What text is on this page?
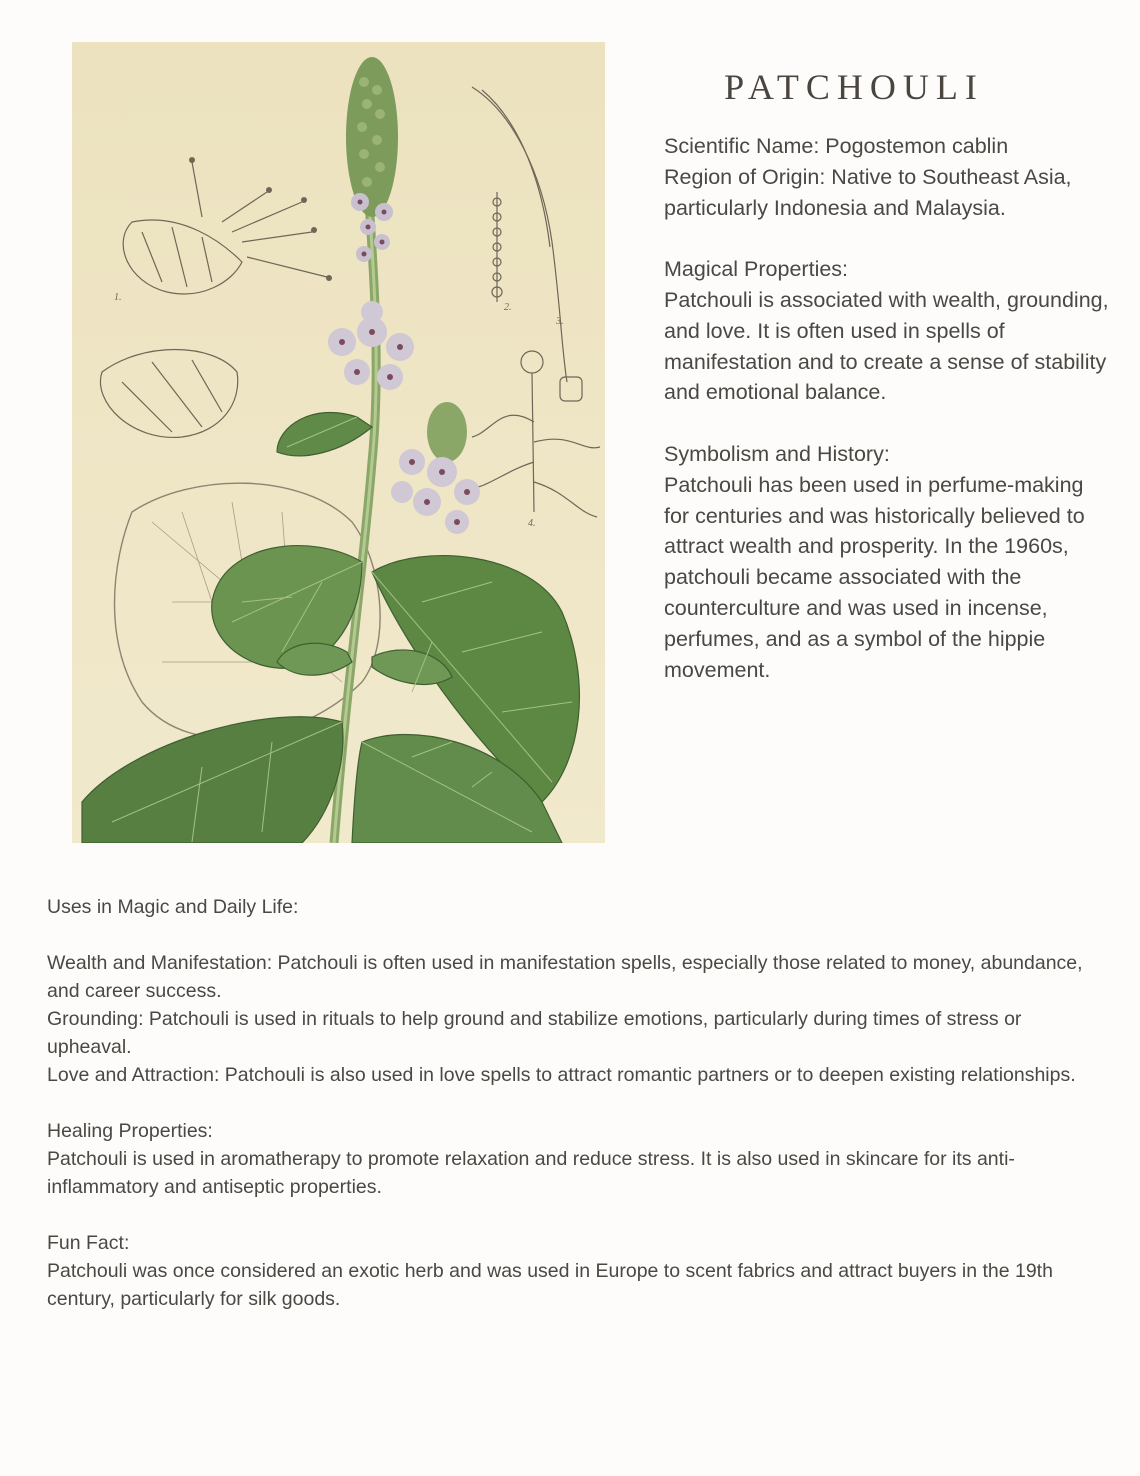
1.
2.
3.
4.
PATCHOULI

Scientific Name: Pogostemon cablin

Region of Origin: Native to Southeast Asia, particularly Indonesia and Malaysia.

Magical Properties:

Patchouli is associated with wealth, grounding, and love. It is often used in spells of manifestation and to create a sense of stability and emotional balance.

Symbolism and History:

Patchouli has been used in perfume-making for centuries and was historically believed to attract wealth and prosperity. In the 1960s, patchouli became associated with the counterculture and was used in incense, perfumes, and as a symbol of the hippie movement.

Uses in Magic and Daily Life:

Wealth and Manifestation: Patchouli is often used in manifestation spells, especially those related to money, abundance, and career success.

Grounding: Patchouli is used in rituals to help ground and stabilize emotions, particularly during times of stress or upheaval.

Love and Attraction: Patchouli is also used in love spells to attract romantic partners or to deepen existing relationships.

Healing Properties:

Patchouli is used in aromatherapy to promote relaxation and reduce stress. It is also used in skincare for its anti-inflammatory and antiseptic properties.

Fun Fact:

Patchouli was once considered an exotic herb and was used in Europe to scent fabrics and attract buyers in the 19th century, particularly for silk goods.
